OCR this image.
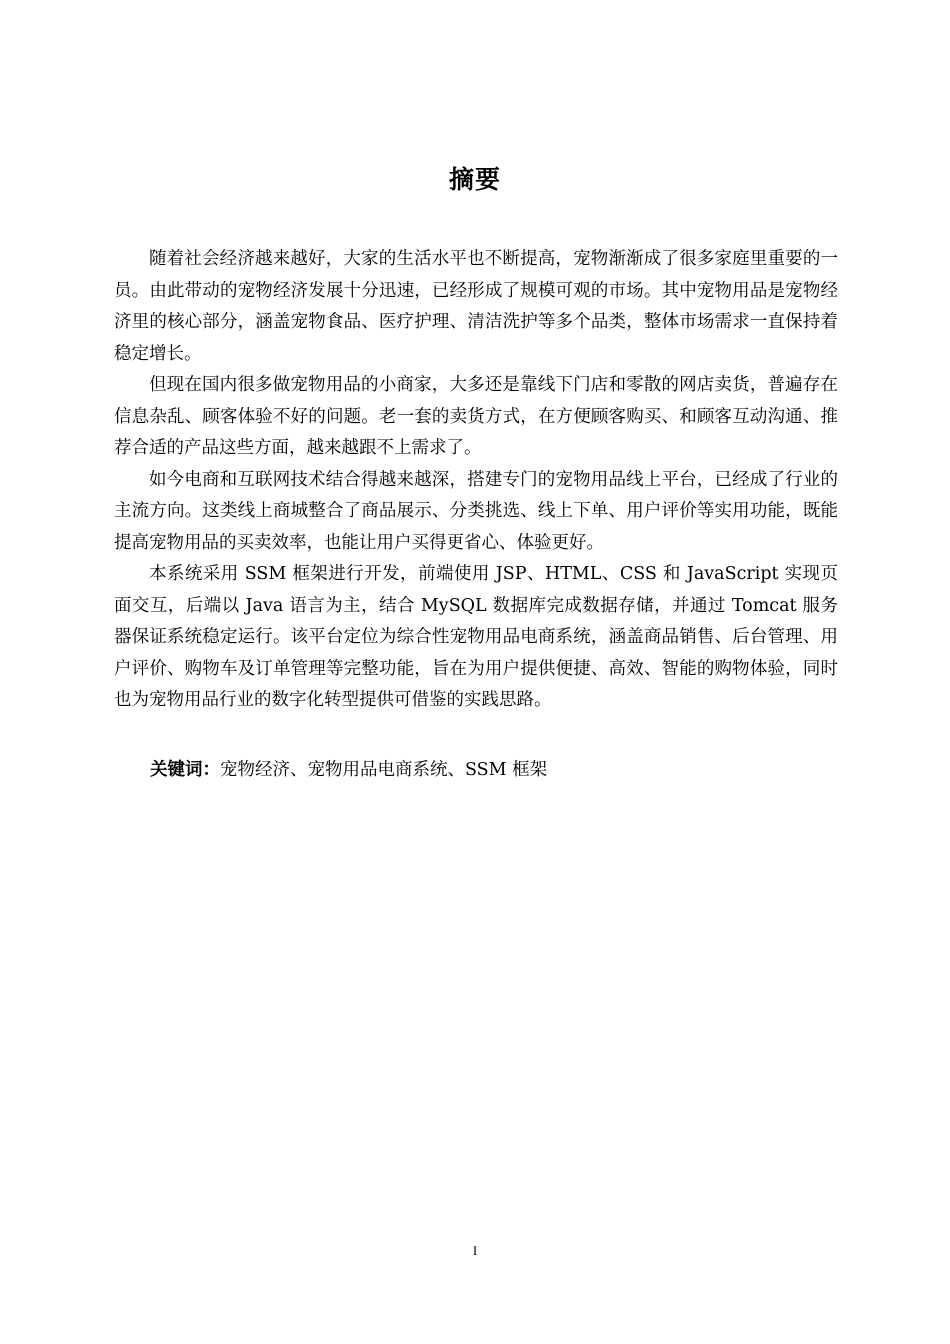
摘要

随着社会经济越来越好，大家的生活水平也不断提高，宠物渐渐成了很多家庭里重要的一员。由此带动的宠物经济发展十分迅速，已经形成了规模可观的市场。其中宠物用品是宠物经济里的核心部分，涵盖宠物食品、医疗护理、清洁洗护等多个品类，整体市场需求一直保持着稳定增长。

但现在国内很多做宠物用品的小商家，大多还是靠线下门店和零散的网店卖货，普遍存在信息杂乱、顾客体验不好的问题。老一套的卖货方式，在方便顾客购买、和顾客互动沟通、推荐合适的产品这些方面，越来越跟不上需求了。

如今电商和互联网技术结合得越来越深，搭建专门的宠物用品线上平台，已经成了行业的主流方向。这类线上商城整合了商品展示、分类挑选、线上下单、用户评价等实用功能，既能提高宠物用品的买卖效率，也能让用户买得更省心、体验更好。

本系统采用 SSM 框架进行开发，前端使用 JSP、HTML、CSS 和 JavaScript 实现页面交互，后端以 Java 语言为主，结合 MySQL 数据库完成数据存储，并通过 Tomcat 服务器保证系统稳定运行。该平台定位为综合性宠物用品电商系统，涵盖商品销售、后台管理、用户评价、购物车及订单管理等完整功能，旨在为用户提供便捷、高效、智能的购物体验，同时也为宠物用品行业的数字化转型提供可借鉴的实践思路。

关键词：宠物经济、宠物用品电商系统、SSM 框架

I
